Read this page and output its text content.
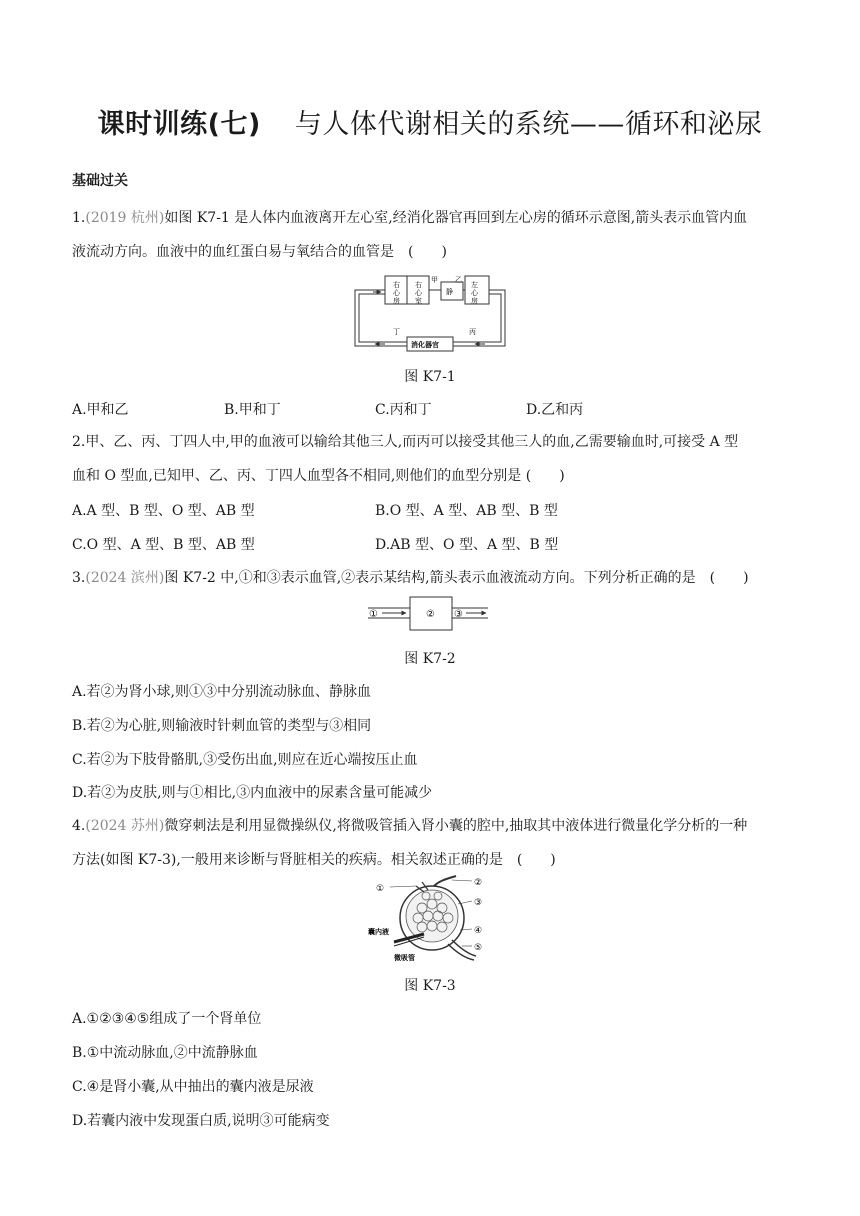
课时训练(七) 与人体代谢相关的系统——循环和泌尿
基础过关
1.(2019 杭州)如图 K7-1 是人体内血液离开左心室,经消化器官再回到左心房的循环示意图,箭头表示血管内血
液流动方向。血液中的血红蛋白易与氧结合的血管是　(　　)
右
心
房
右
心
室
甲
静
乙
左
心
房
丁	丙
消化器官
图 K7-1
A.甲和乙	B.甲和丁	C.丙和丁	D.乙和丙
2.甲、乙、丙、丁四人中,甲的血液可以输给其他三人,而丙可以接受其他三人的血,乙需要输血时,可接受 A 型
血和 O 型血,已知甲、乙、丙、丁四人血型各不相同,则他们的血型分别是 (　　)
A.A 型、B 型、O 型、AB 型	B.O 型、A 型、AB 型、B 型
C.O 型、A 型、B 型、AB 型	D.AB 型、O 型、A 型、B 型
3.(2024 滨州)图 K7-2 中,①和③表示血管,②表示某结构,箭头表示血液流动方向。下列分析正确的是　(　　)
①	② ③
图 K7-2
A.若②为肾小球,则①③中分别流动脉血、静脉血
B.若②为心脏,则输液时针刺血管的类型与③相同
C.若②为下肢骨骼肌,③受伤出血,则应在近心端按压止血
D.若②为皮肤,则与①相比,③内血液中的尿素含量可能减少
4.(2024 苏州)微穿刺法是利用显微操纵仪,将微吸管插入肾小囊的腔中,抽取其中液体进行微量化学分析的一种
方法(如图 K7-3),一般用来诊断与肾脏相关的疾病。相关叙述正确的是　(　　)
①
②
③
④
⑤
囊内液
微吸管
图 K7-3
A.①②③④⑤组成了一个肾单位
B.①中流动脉血,②中流静脉血
C.④是肾小囊,从中抽出的囊内液是尿液
D.若囊内液中发现蛋白质,说明③可能病变
